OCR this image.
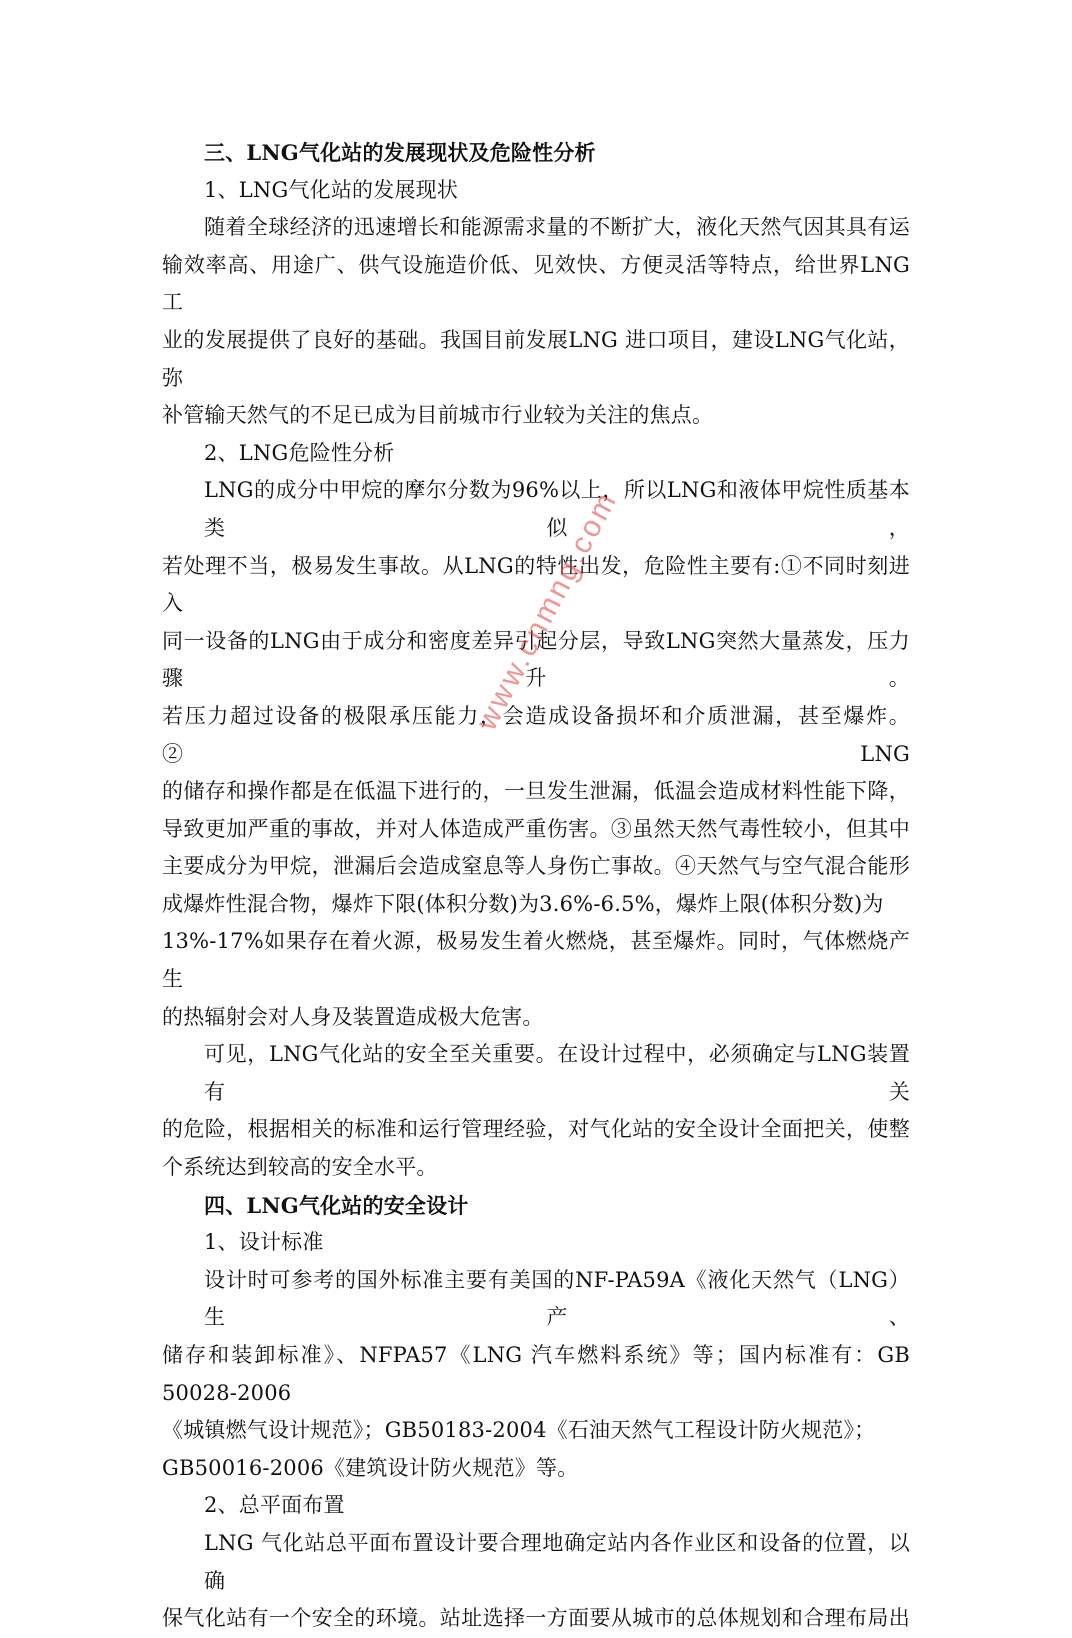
三、LNG气化站的发展现状及危险性分析

1、LNG气化站的发展现状

随着全球经济的迅速增长和能源需求量的不断扩大，液化天然气因其具有运

输效率高、用途广、供气设施造价低、见效快、方便灵活等特点，给世界LNG 工

业的发展提供了良好的基础。我国目前发展LNG 进口项目，建设LNG气化站，弥

补管输天然气的不足已成为目前城市行业较为关注的焦点。

2、LNG危险性分析

LNG的成分中甲烷的摩尔分数为96%以上，所以LNG和液体甲烷性质基本类似，

若处理不当，极易发生事故。从LNG的特性出发，危险性主要有:①不同时刻进入

同一设备的LNG由于成分和密度差异引起分层，导致LNG突然大量蒸发，压力骤升。

若压力超过设备的极限承压能力，会造成设备损坏和介质泄漏，甚至爆炸。②LNG

的储存和操作都是在低温下进行的，一旦发生泄漏，低温会造成材料性能下降，

导致更加严重的事故，并对人体造成严重伤害。③虽然天然气毒性较小，但其中

主要成分为甲烷，泄漏后会造成窒息等人身伤亡事故。④天然气与空气混合能形

成爆炸性混合物，爆炸下限(体积分数)为3.6%-6.5%，爆炸上限(体积分数)为

13%-17%如果存在着火源，极易发生着火燃烧，甚至爆炸。同时，气体燃烧产生

的热辐射会对人身及装置造成极大危害。

可见，LNG气化站的安全至关重要。在设计过程中，必须确定与LNG装置有关

的危险，根据相关的标准和运行管理经验，对气化站的安全设计全面把关，使整

个系统达到较高的安全水平。

四、LNG气化站的安全设计

1、设计标准

设计时可参考的国外标准主要有美国的NF-PA59A《液化天然气（LNG）生产、

储存和装卸标准》、NFPA57《LNG 汽车燃料系统》等；国内标准有：GB 50028-2006

《城镇燃气设计规范》；GB50183-2004《石油天然气工程设计防火规范》；

GB50016-2006《建筑设计防火规范》等。

2、总平面布置

LNG 气化站总平面布置设计要合理地确定站内各作业区和设备的位置，以确

保气化站有一个安全的环境。站址选择一方面要从城市的总体规划和合理布局出

www.cnmng.com
